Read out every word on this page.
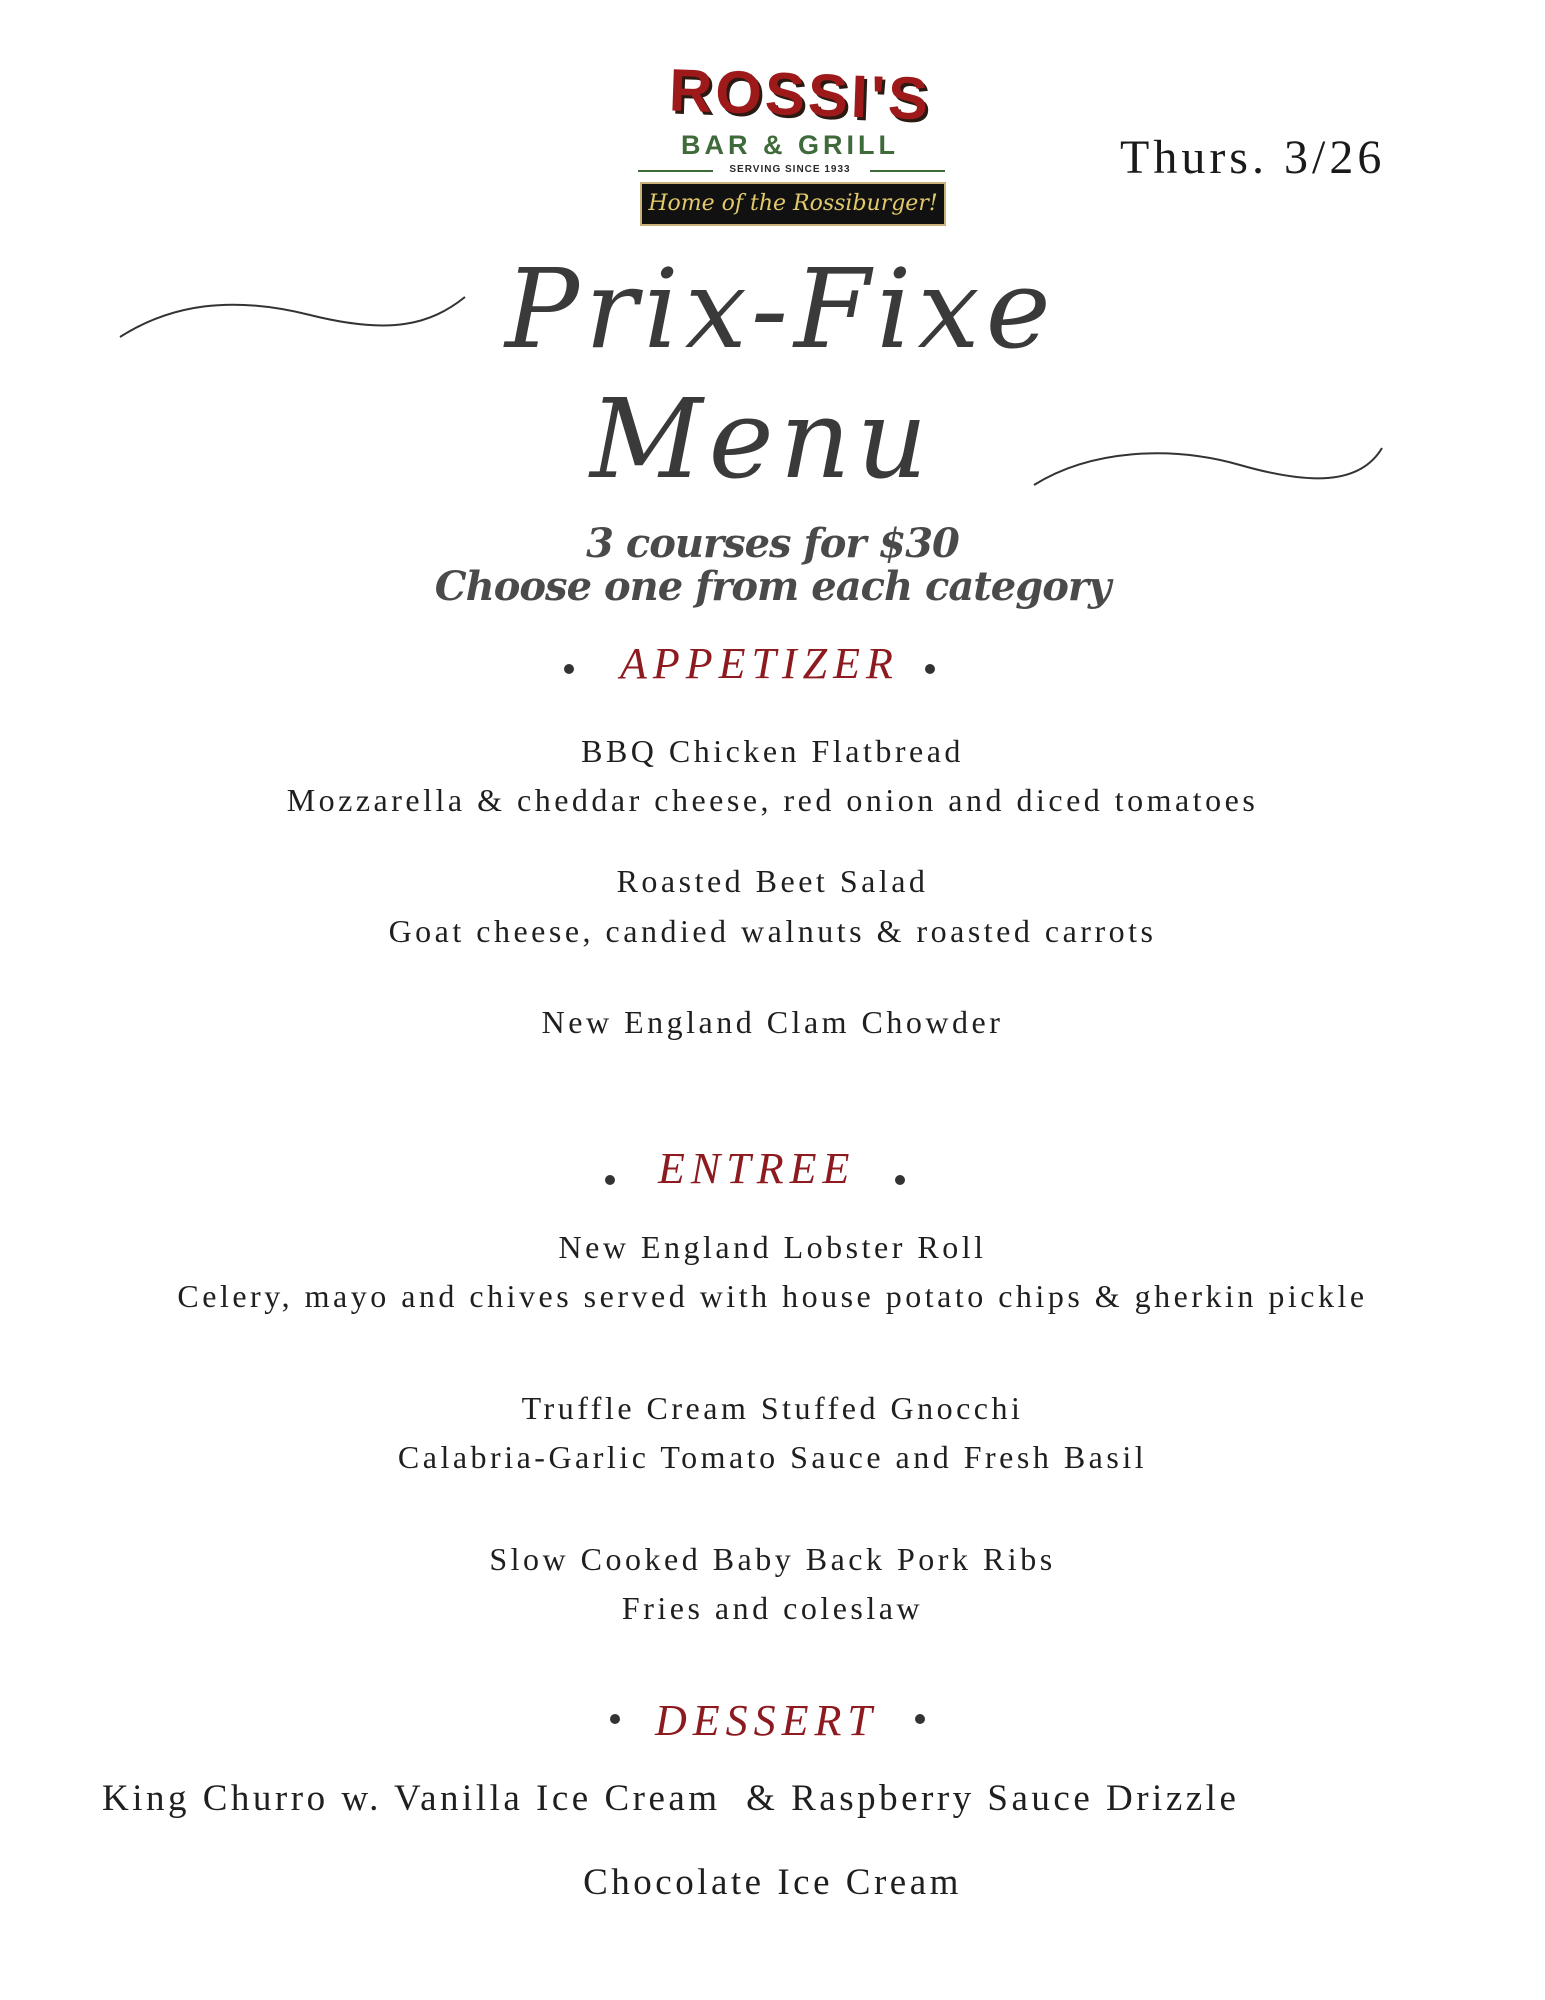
ROSSI'S
BAR & GRILL
SERVING SINCE 1933
Home of the Rossiburger!
Thurs. 3/26
Prix-Fixe
Menu
3 courses for $30
Choose one from each category
APPETIZER
BBQ Chicken Flatbread
Mozzarella & cheddar cheese, red onion and diced tomatoes
Roasted Beet Salad
Goat cheese, candied walnuts & roasted carrots
New England Clam Chowder
ENTREE
New England Lobster Roll
Celery, mayo and chives served with house potato chips & gherkin pickle
Truffle Cream Stuffed Gnocchi
Calabria-Garlic Tomato Sauce and Fresh Basil
Slow Cooked Baby Back Pork Ribs
Fries and coleslaw
DESSERT
King Churro w. Vanilla Ice Cream  & Raspberry Sauce Drizzle
Chocolate Ice Cream
